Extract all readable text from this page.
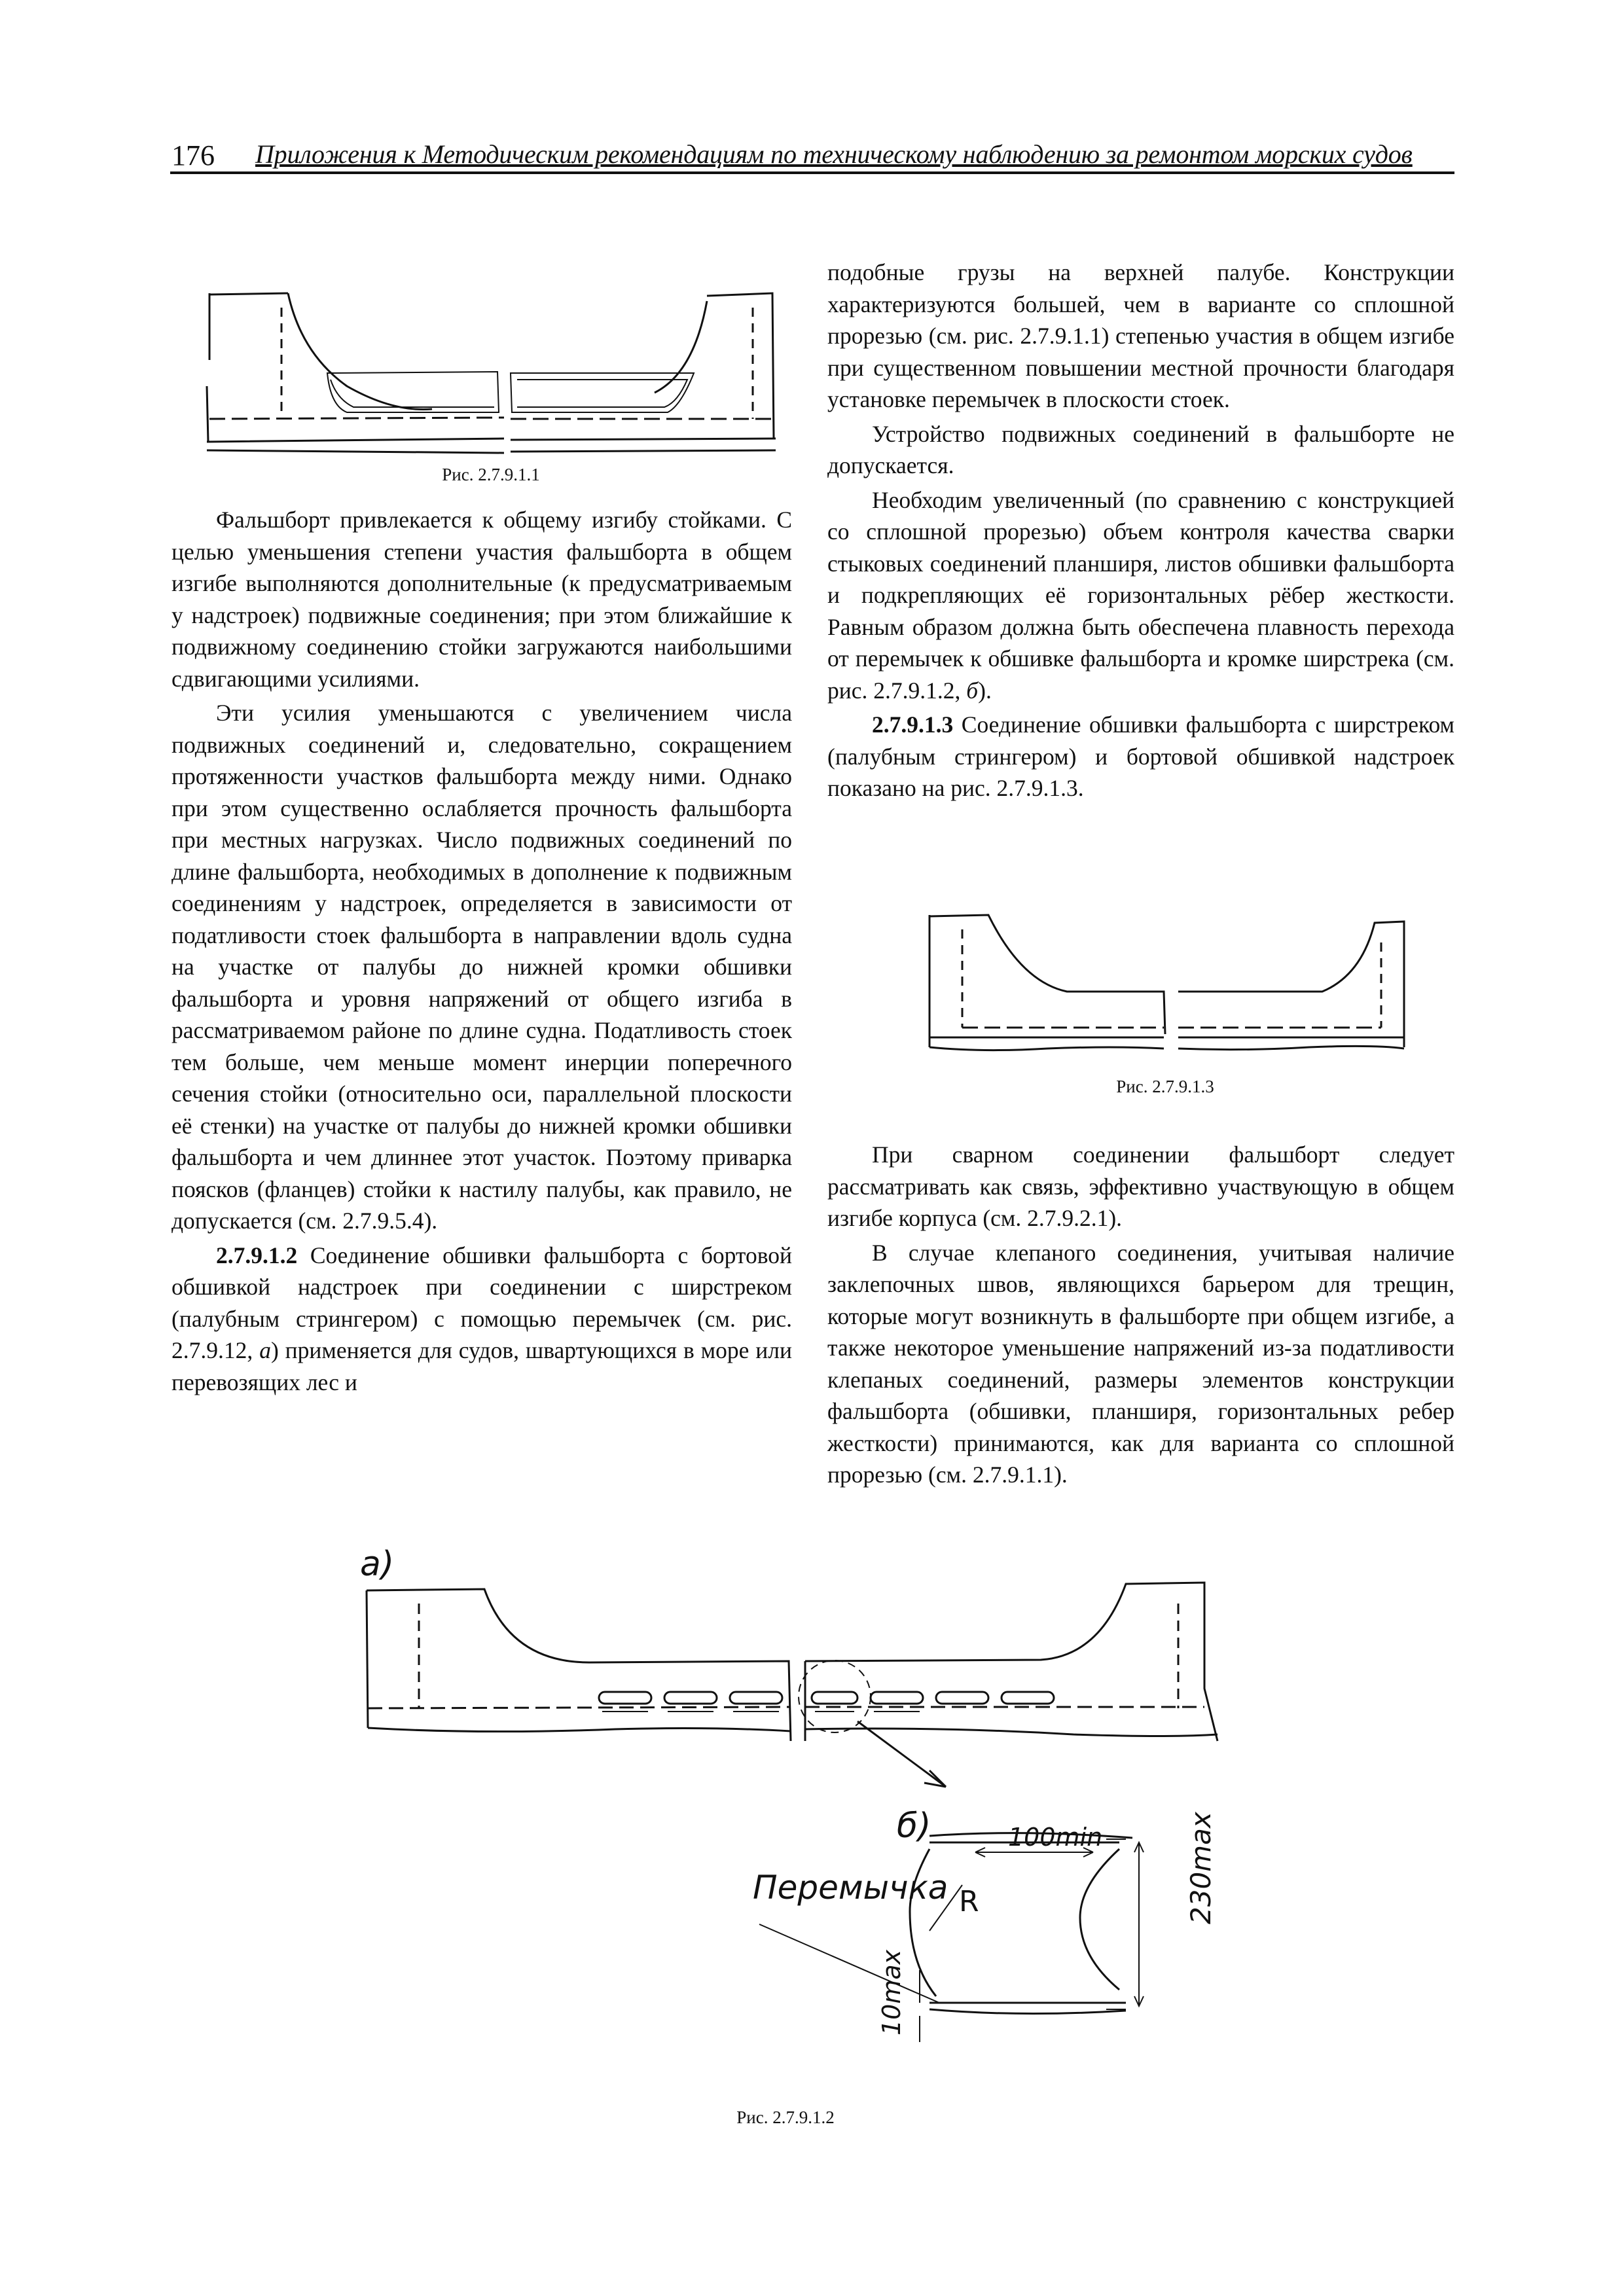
176 Приложения к Методическим рекомендациям по техническому наблюдению за ремонтом морских судов
Рис. 2.7.9.1.1

Фальшборт привлекается к общему изгибу стойками. С целью уменьшения степени участия фальшборта в общем изгибе выполняются дополнительные (к предусматриваемым у надстроек) подвижные соединения; при этом ближайшие к подвижному соединению стойки загружаются наибольшими сдвигающими усилиями.

Эти усилия уменьшаются с увеличением числа подвижных соединений и, следовательно, сокращением протяженности участков фальшборта между ними. Однако при этом существенно ослабляется прочность фальшборта при местных нагрузках. Число подвижных соединений по длине фальшборта, необходимых в дополнение к подвижным соединениям у надстроек, определяется в зависимости от податливости стоек фальшборта в направлении вдоль судна на участке от палубы до нижней кромки обшивки фальшборта и уровня напряжений от общего изгиба в рассматриваемом районе по длине судна. Податливость стоек тем больше, чем меньше момент инерции поперечного сечения стойки (относительно оси, параллельной плоскости её стенки) на участке от палубы до нижней кромки обшивки фальшборта и чем длиннее этот участок. Поэтому приварка поясков (фланцев) стойки к настилу палубы, как правило, не допускается (см. 2.7.9.5.4).

2.7.9.1.2 Соединение обшивки фальшборта с бортовой обшивкой надстроек при соединении с ширстреком (палубным стрингером) с помощью перемычек (см. рис. 2.7.9.12, а) применяется для судов, швартующихся в море или перевозящих лес и

подобные грузы на верхней палубе. Конструкции характеризуются большей, чем в варианте со сплошной прорезью (см. рис. 2.7.9.1.1) степенью участия в общем изгибе при существенном повышении местной прочности благодаря установке перемычек в плоскости стоек.

Устройство подвижных соединений в фальшборте не допускается.

Необходим увеличенный (по сравнению с конструкцией со сплошной прорезью) объем контроля качества сварки стыковых соединений планширя, листов обшивки фальшборта и подкрепляющих её горизонтальных рёбер жесткости. Равным образом должна быть обеспечена плавность перехода от перемычек к обшивке фальшборта и кромке ширстрека (см. рис. 2.7.9.1.2, б).

2.7.9.1.3 Соединение обшивки фальшборта с ширстреком (палубным стрингером) и бортовой обшивкой надстроек показано на рис. 2.7.9.1.3.

Рис. 2.7.9.1.3

При сварном соединении фальшборт следует рассматривать как связь, эффективно участвующую в общем изгибе корпуса (см. 2.7.9.2.1).

В случае клепаного соединения, учитывая наличие заклепочных швов, являющихся барьером для трещин, которые могут возникнуть в фальшборте при общем изгибе, а также некоторое уменьшение напряжений из-за податливости клепаных соединений, размеры элементов конструкции фальшборта (обшивки, планширя, горизонтальных ребер жесткости) принимаются, как для варианта со сплошной прорезью (см. 2.7.9.1.1).

а)
б)
Перемычка R
100min	230max
10max
Рис. 2.7.9.1.2
